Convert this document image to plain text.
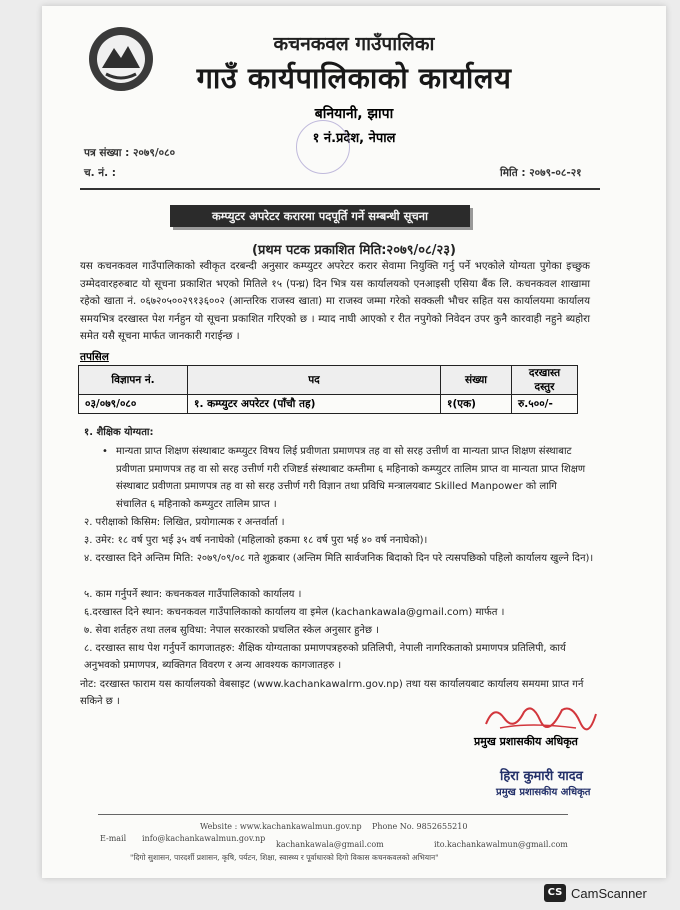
कचनकवल गाउँपालिका
गाउँ कार्यपालिकाको कार्यालय
बनियानी, झापा
१ नं.प्रदेश, नेपाल
पत्र संख्या : २०७९/०८०
च. नं. :	मिति : २०७९-०८-२१
कम्प्युटर अपरेटर करारमा पदपूर्ति गर्ने सम्बन्धी सूचना
(प्रथम पटक प्रकाशित मिति:२०७९/०८/२३)
यस कचनकवल गाउँपालिकाको स्वीकृत दरबन्दी अनुसार कम्प्युटर अपरेटर करार सेवामा नियुक्ति गर्नु पर्ने भएकोले योग्यता पुगेका इच्छुक उम्मेदवारहरुबाट यो सूचना प्रकाशित भएको मितिले १५ (पन्ध्र) दिन भित्र यस कार्यालयको एनआइसी एसिया बैंक लि. कचनकवल शाखामा रहेको खाता नं. ०६७२०५००२९१३६००२ (आन्तरिक राजस्व खाता) मा राजस्व जम्मा गरेको सक्कली भौचर सहित यस कार्यालयमा कार्यालय समयभित्र दरखास्त पेश गर्नहुन यो सूचना प्रकाशित गरिएको छ । म्याद नाघी आएको र रीत नपुगेको निवेदन उपर कुनै कारवाही नहुने ब्यहोरा समेत यसै सूचना मार्फत जानकारी गराईन्छ ।
तपसिल
विज्ञापन नं.	पद	संख्या	दरखास्त दस्तुर
०३/०७९/०८०	१. कम्प्युटर अपरेटर (पाँचौ तह)	१(एक)	रु.५००/-
१. शैक्षिक योग्यता:
• मान्यता प्राप्त शिक्षण संस्थाबाट कम्प्युटर विषय लिई प्रवीणता प्रमाणपत्र तह वा सो सरह उत्तीर्ण वा मान्यता प्राप्त शिक्षण संस्थाबाट प्रवीणता प्रमाणपत्र तह वा सो सरह उत्तीर्ण गरी रजिष्टर्ड संस्थाबाट कम्तीमा ६ महिनाको कम्प्युटर तालिम प्राप्त वा मान्यता प्राप्त शिक्षण संस्थाबाट प्रवीणता प्रमाणपत्र तह वा सो सरह उत्तीर्ण गरी विज्ञान तथा प्रविधि मन्त्रालयबाट Skilled Manpower को लागि संचालित ६ महिनाको कम्प्युटर तालिम प्राप्त ।
२. परीक्षाको किसिम: लिखित, प्रयोगात्मक र अन्तर्वार्ता ।
३. उमेर: १८ वर्ष पुरा भई ३५ वर्ष ननाघेको (महिलाको हकमा १८ वर्ष पुरा भई ४० वर्ष ननाघेको)।
४. दरखास्त दिने अन्तिम मिति: २०७९/०९/०८ गते शुक्रबार (अन्तिम मिति सार्वजनिक बिदाको दिन परे त्यसपछिको पहिलो कार्यालय खुल्ने दिन)।
५. काम गर्नुपर्ने स्थान: कचनकवल गाउँपालिकाको कार्यालय ।
६.दरखास्त दिने स्थान: कचनकवल गाउँपालिकाको कार्यालय वा इमेल (kachankawala@gmail.com) मार्फत ।
७. सेवा शर्तहरु तथा तलब सुविधा: नेपाल सरकारको प्रचलित स्केल अनुसार हुनेछ ।
८. दरखास्त साथ पेश गर्नुपर्ने कागजातहरु: शैक्षिक योग्यताका प्रमाणपत्रहरुको प्रतिलिपी, नेपाली नागरिकताको प्रमाणपत्र प्रतिलिपी, कार्य अनुभवको प्रमाणपत्र, ब्यक्तिगत विवरण र अन्य आवश्यक कागजातहरु ।
नोट: दरखास्त फाराम यस कार्यालयको वेबसाइट (www.kachankawalrm.gov.np) तथा यस कार्यालयबाट कार्यालय समयमा प्राप्त गर्न सकिने छ ।
प्रमुख प्रशासकीय अधिकृत
हिरा कुमारी यादव
प्रमुख प्रशासकीय अधिकृत
Website : www.kachankawalmun.gov.np Phone No. 9852655210
E-mail info@kachankawalmun.gov.np
kachankawala@gmail.com	ito.kachankawalmun@gmail.com
"दिगो सुशासन, पारदर्शी प्रशासन, कृषि, पर्यटन, शिक्षा, स्वास्थ्य र पूर्वाधारको दिगो विकास कचनकवलको अभियान"
CS CamScanner
